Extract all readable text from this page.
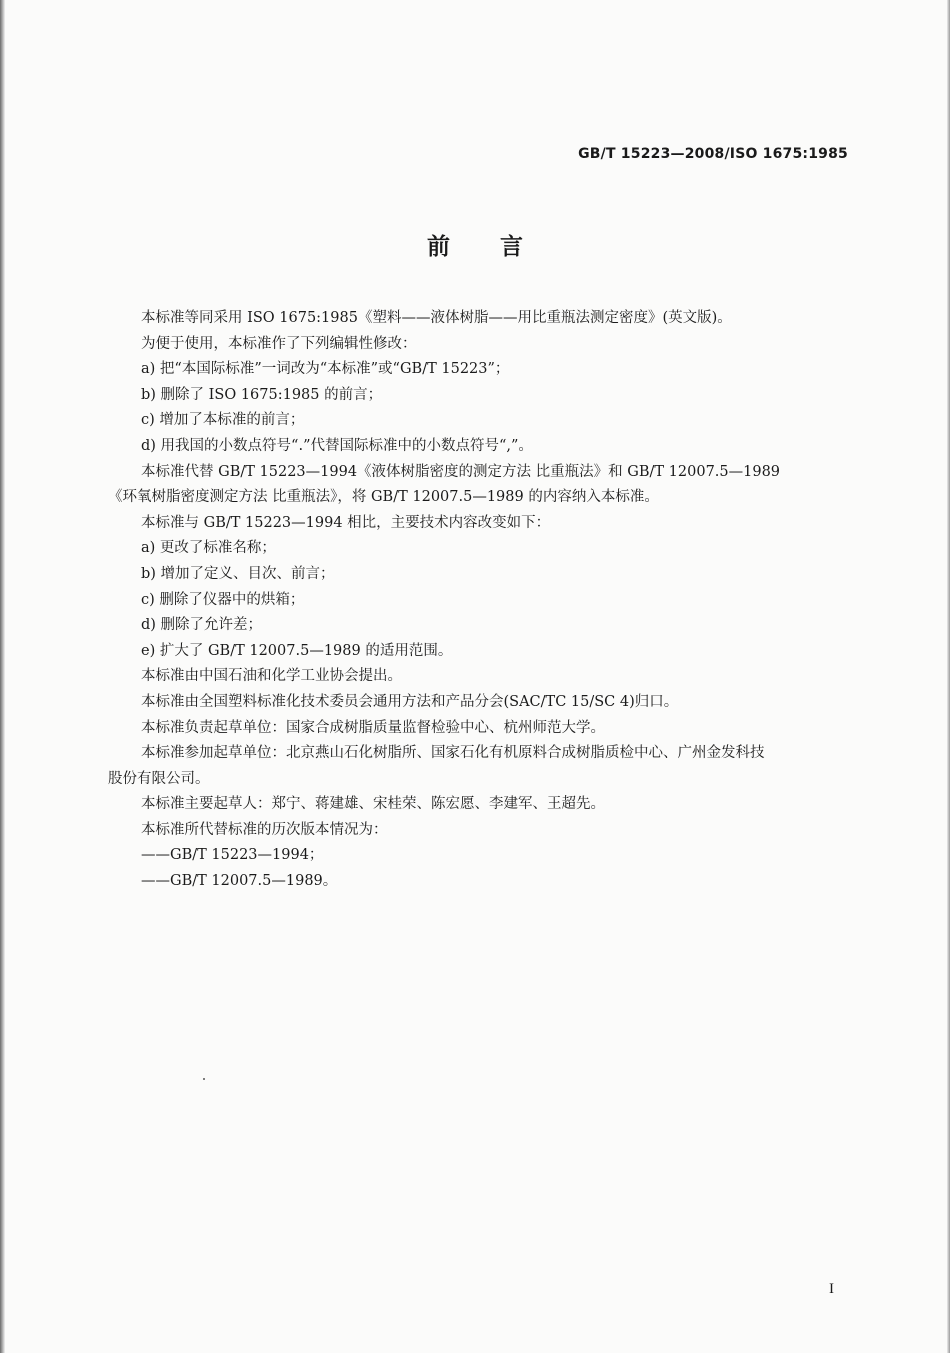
GB/T 15223—2008/ISO 1675:1985
前言
本标准等同采用 ISO 1675:1985《塑料——液体树脂——用比重瓶法测定密度》(英文版)。
为便于使用，本标准作了下列编辑性修改：
a) 把“本国际标准”一词改为“本标准”或“GB/T 15223”；
b) 删除了 ISO 1675:1985 的前言；
c) 增加了本标准的前言；
d) 用我国的小数点符号“.”代替国际标准中的小数点符号“,”。
本标准代替 GB/T 15223—1994《液体树脂密度的测定方法 比重瓶法》和 GB/T 12007.5—1989
《环氧树脂密度测定方法 比重瓶法》，将 GB/T 12007.5—1989 的内容纳入本标准。
本标准与 GB/T 15223—1994 相比，主要技术内容改变如下：
a) 更改了标准名称；
b) 增加了定义、目次、前言；
c) 删除了仪器中的烘箱；
d) 删除了允许差；
e) 扩大了 GB/T 12007.5—1989 的适用范围。
本标准由中国石油和化学工业协会提出。
本标准由全国塑料标准化技术委员会通用方法和产品分会(SAC/TC 15/SC 4)归口。
本标准负责起草单位：国家合成树脂质量监督检验中心、杭州师范大学。
本标准参加起草单位：北京燕山石化树脂所、国家石化有机原料合成树脂质检中心、广州金发科技
股份有限公司。
本标准主要起草人：郑宁、蒋建雄、宋桂荣、陈宏愿、李建军、王超先。
本标准所代替标准的历次版本情况为：
——GB/T 15223—1994；
——GB/T 12007.5—1989。
I
